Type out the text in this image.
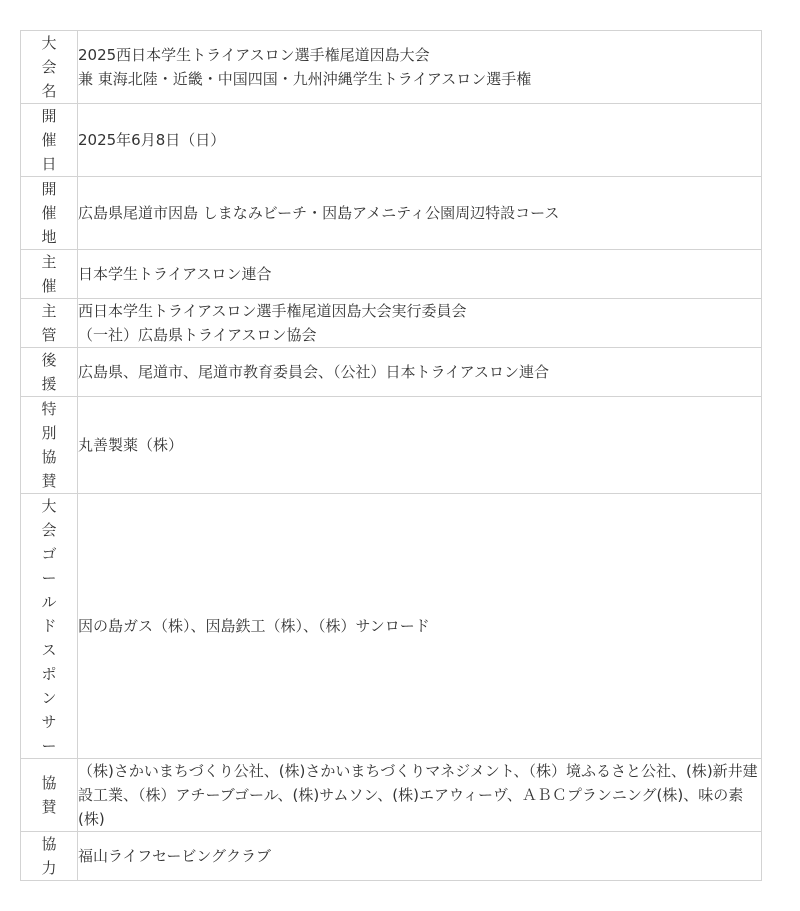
大会名	2025西日本学生トライアスロン選手権尾道因島大会
兼 東海北陸・近畿・中国四国・九州沖縄学生トライアスロン選手権

開催日	2025年6月8日（日）

開催地	広島県尾道市因島 しまなみビーチ・因島アメニティ公園周辺特設コース

主催	日本学生トライアスロン連合

主管	西日本学生トライアスロン選手権尾道因島大会実行委員会
（一社）広島県トライアスロン協会

後援	広島県、尾道市、尾道市教育委員会、（公社）日本トライアスロン連合

特別協賛	丸善製薬（株）

大会ゴールドスポンサー	因の島ガス（株）、因島鉄工（株）、（株）サンロード

協賛	（株)さかいまちづくり公社、(株)さかいまちづくりマネジメント、（株）境ふるさと公社、(株)新井建設工業、（株）アチーブゴール、(株)サムソン、(株)エアウィーヴ、ＡＢＣプランニング(株)、味の素(株)

協力	福山ライフセービングクラブ
